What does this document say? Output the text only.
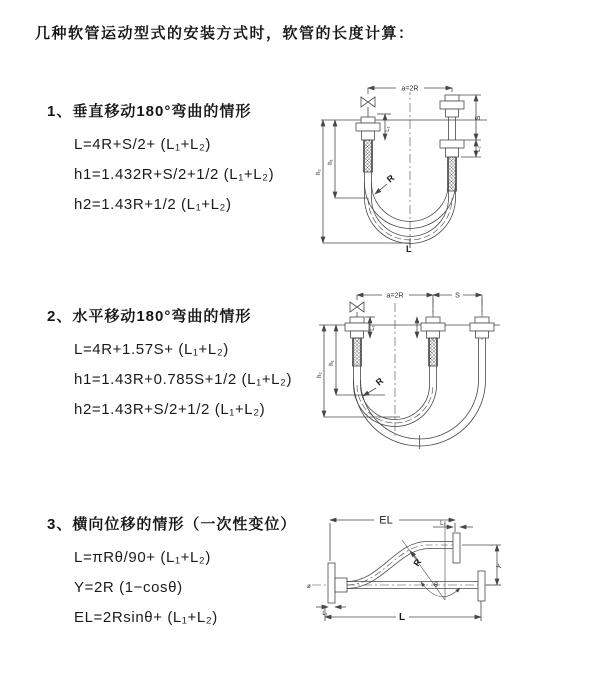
几种软管运动型式的安装方式时，软管的长度计算：
1、垂直移动180°弯曲的情形
L=4R+S/2+ (L₁+L₂)
h1=1.432R+S/2+1/2 (L₁+L₂)
h2=1.43R+1/2 (L₁+L₂)
2、水平移动180°弯曲的情形
L=4R+1.57S+ (L₁+L₂)
h1=1.43R+0.785S+1/2 (L₁+L₂)
h2=1.43R+S/2+1/2 (L₁+L₂)
3、横向位移的情形（一次性变位）
L=πRθ/90+ (L₁+L₂)
Y=2R (1−cosθ)
EL=2Rsinθ+ (L₁+L₂)
a=2R
L₁
S
L₂
h₁
h₂
R
L
a=2R	S
L₁
h₁
h₂
R
EL	L₂
Y
R
θ
L₁	L
ø
